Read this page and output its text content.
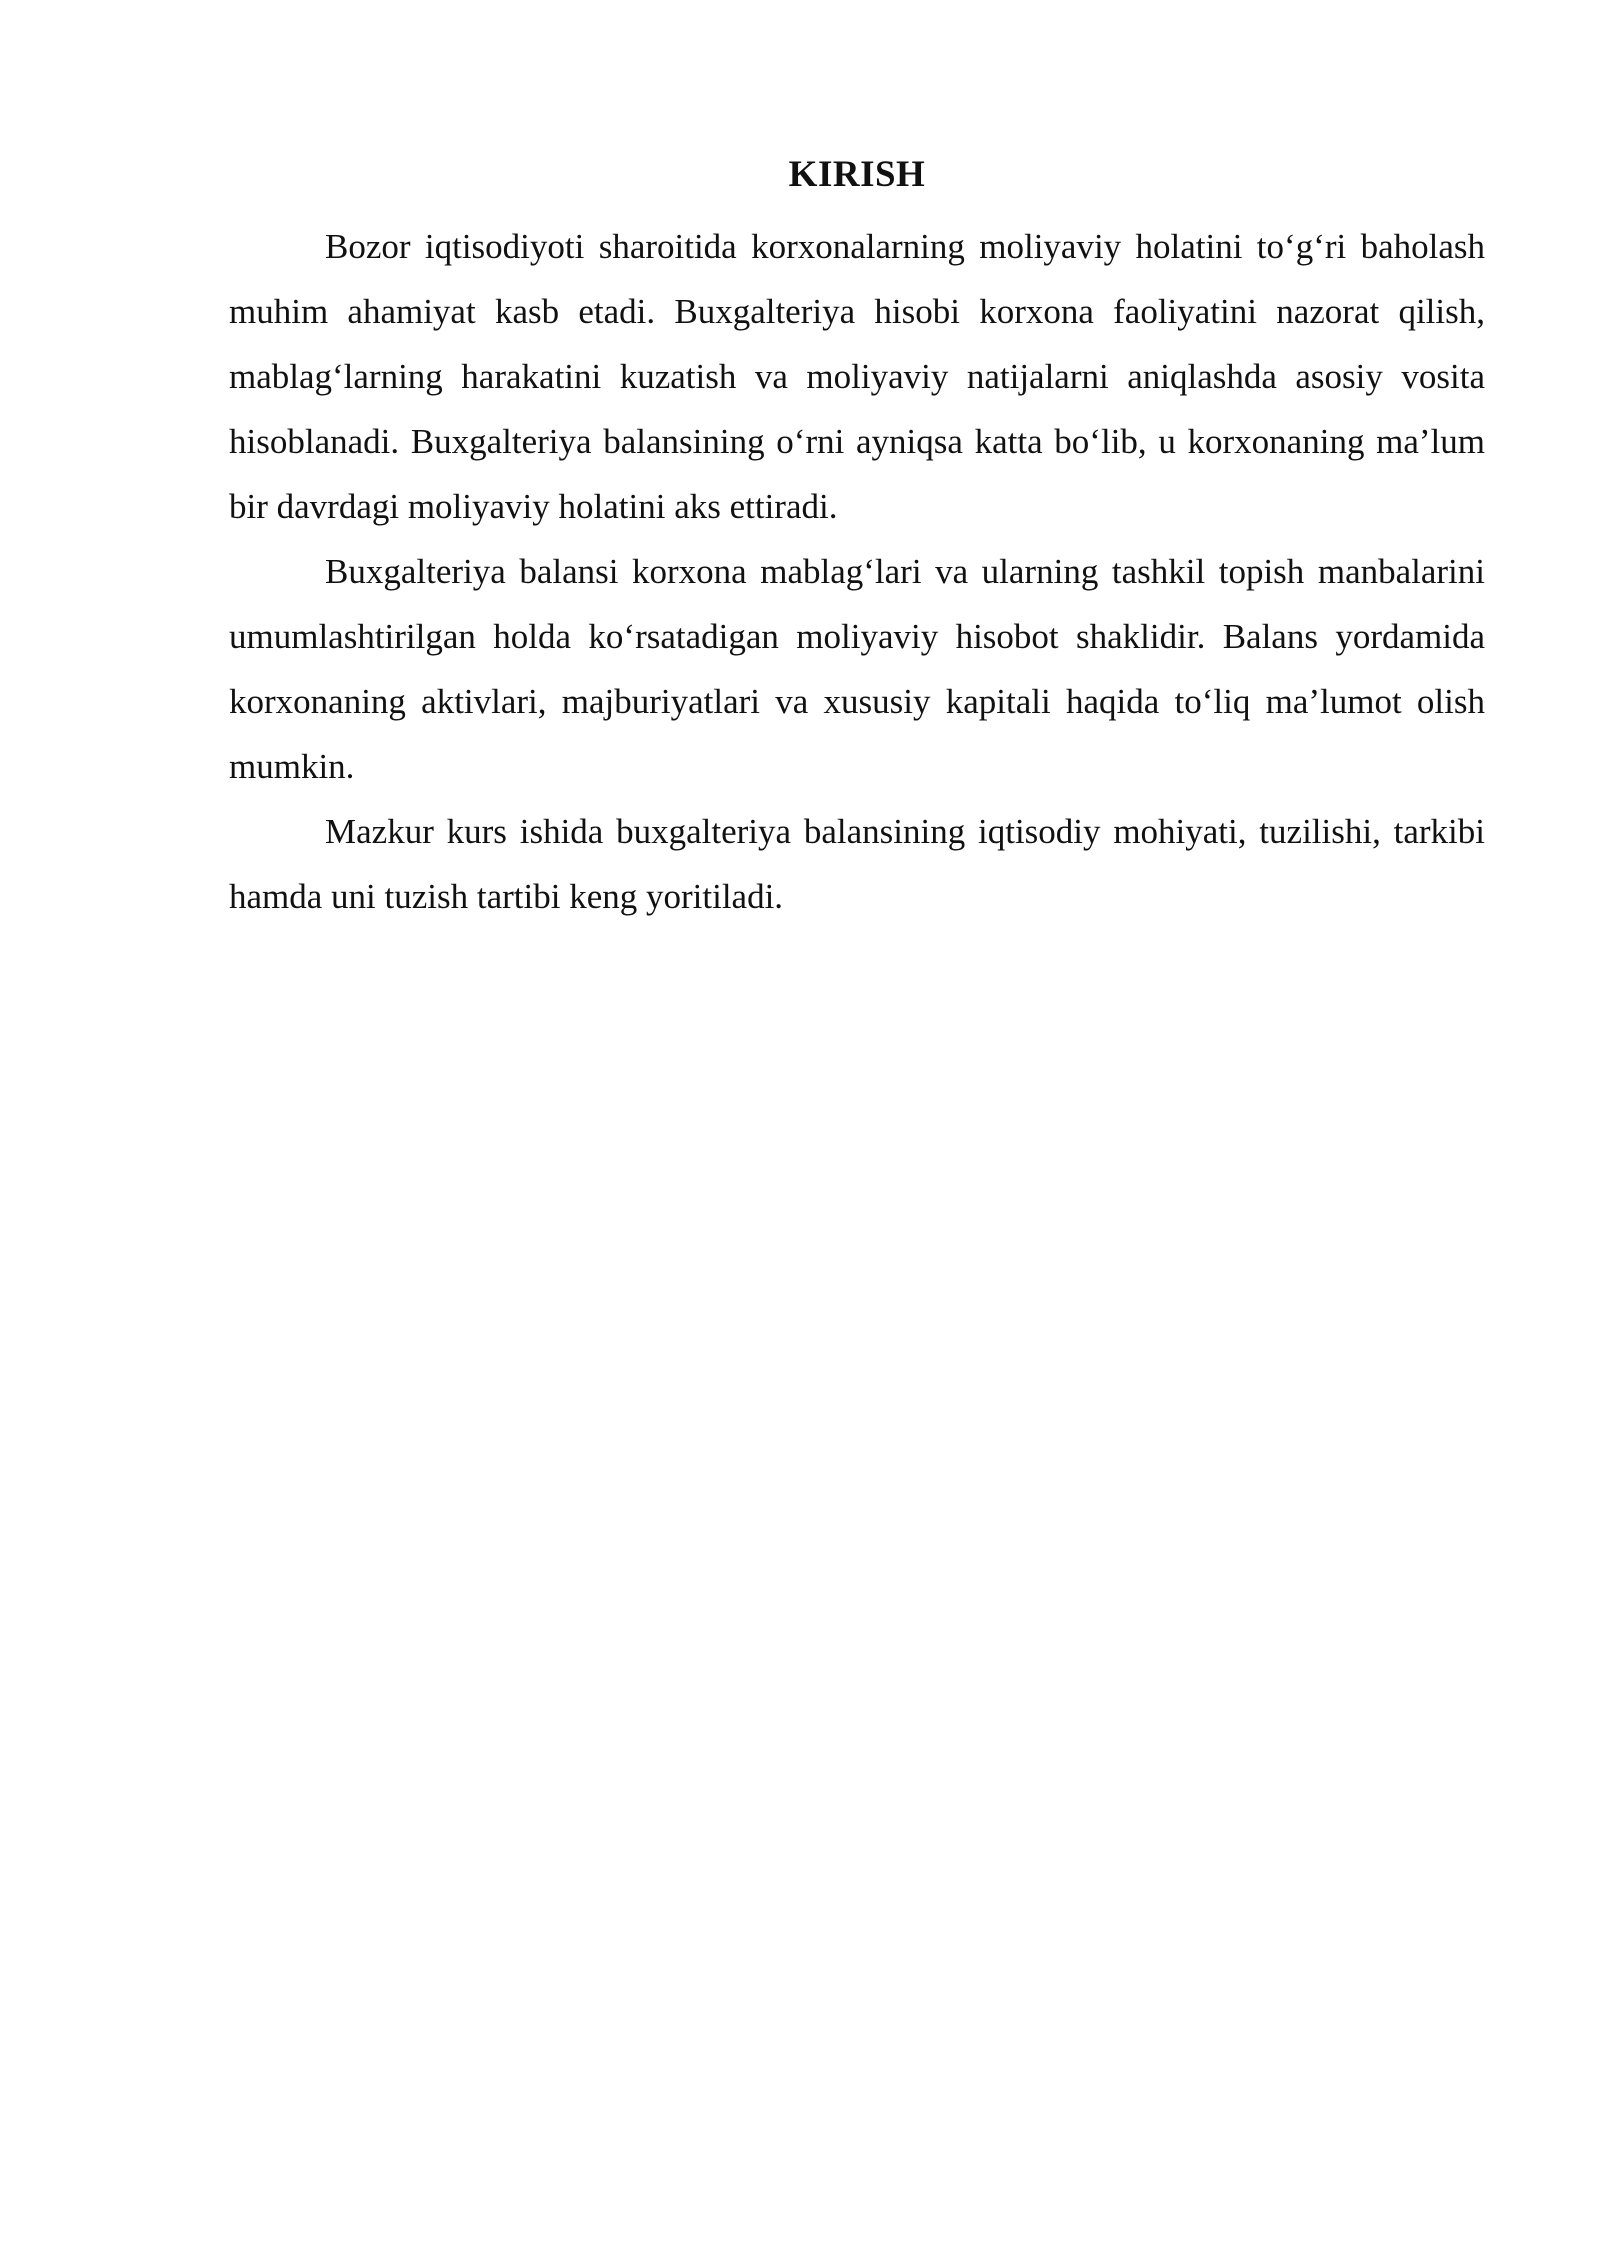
KIRISH

Bozor iqtisodiyoti sharoitida korxonalarning moliyaviy holatini to‘g‘ri baholash muhim ahamiyat kasb etadi. Buxgalteriya hisobi korxona faoliyatini nazorat qilish, mablag‘larning harakatini kuzatish va moliyaviy natijalarni aniqlashda asosiy vosita hisoblanadi. Buxgalteriya balansining o‘rni ayniqsa katta bo‘lib, u korxonaning ma’lum bir davrdagi moliyaviy holatini aks ettiradi.

Buxgalteriya balansi korxona mablag‘lari va ularning tashkil topish manbalarini umumlashtirilgan holda ko‘rsatadigan moliyaviy hisobot shaklidir. Balans yordamida korxonaning aktivlari, majburiyatlari va xususiy kapitali haqida to‘liq ma’lumot olish mumkin.

Mazkur kurs ishida buxgalteriya balansining iqtisodiy mohiyati, tuzilishi, tarkibi hamda uni tuzish tartibi keng yoritiladi.
